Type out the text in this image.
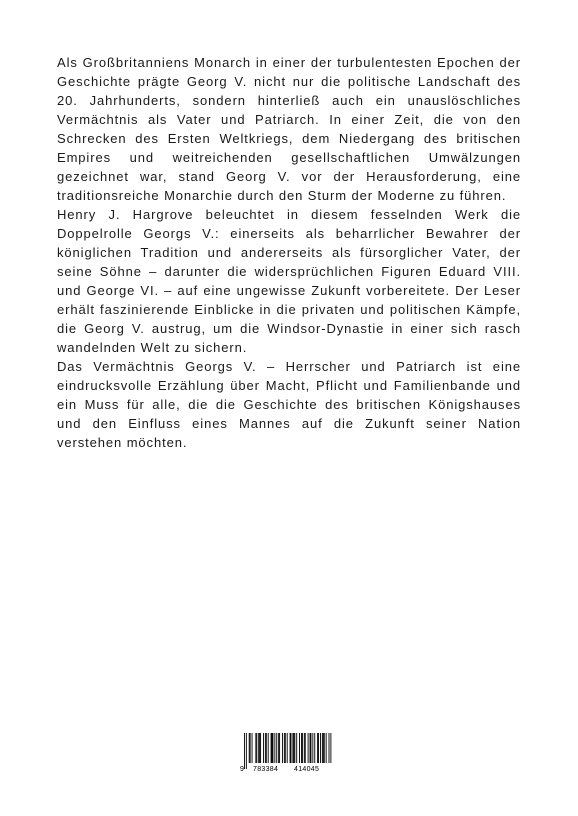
Als Großbritanniens Monarch in einer der turbulentesten Epochen der Geschichte prägte Georg V. nicht nur die politische Landschaft des 20. Jahrhunderts, sondern hinterließ auch ein unauslöschliches Vermächtnis als Vater und Patriarch. In einer Zeit, die von den Schrecken des Ersten Weltkriegs, dem Niedergang des britischen Empires und weitreichenden gesellschaftlichen Umwälzungen gezeichnet war, stand Georg V. vor der Herausforderung, eine traditionsreiche Monarchie durch den Sturm der Moderne zu führen.

Henry J. Hargrove beleuchtet in diesem fesselnden Werk die Doppelrolle Georgs V.: einerseits als beharrlicher Bewahrer der königlichen Tradition und andererseits als fürsorglicher Vater, der seine Söhne – darunter die widersprüchlichen Figuren Eduard VIII. und George VI. – auf eine ungewisse Zukunft vorbereitete. Der Leser erhält faszinierende Einblicke in die privaten und politischen Kämpfe, die Georg V. austrug, um die Windsor-Dynastie in einer sich rasch wandelnden Welt zu sichern.

Das Vermächtnis Georgs V. – Herrscher und Patriarch ist eine eindrucksvolle Erzählung über Macht, Pflicht und Familienbande und ein Muss für alle, die die Geschichte des britischen Königshauses und den Einfluss eines Mannes auf die Zukunft seiner Nation verstehen möchten.

9 783384 414045
